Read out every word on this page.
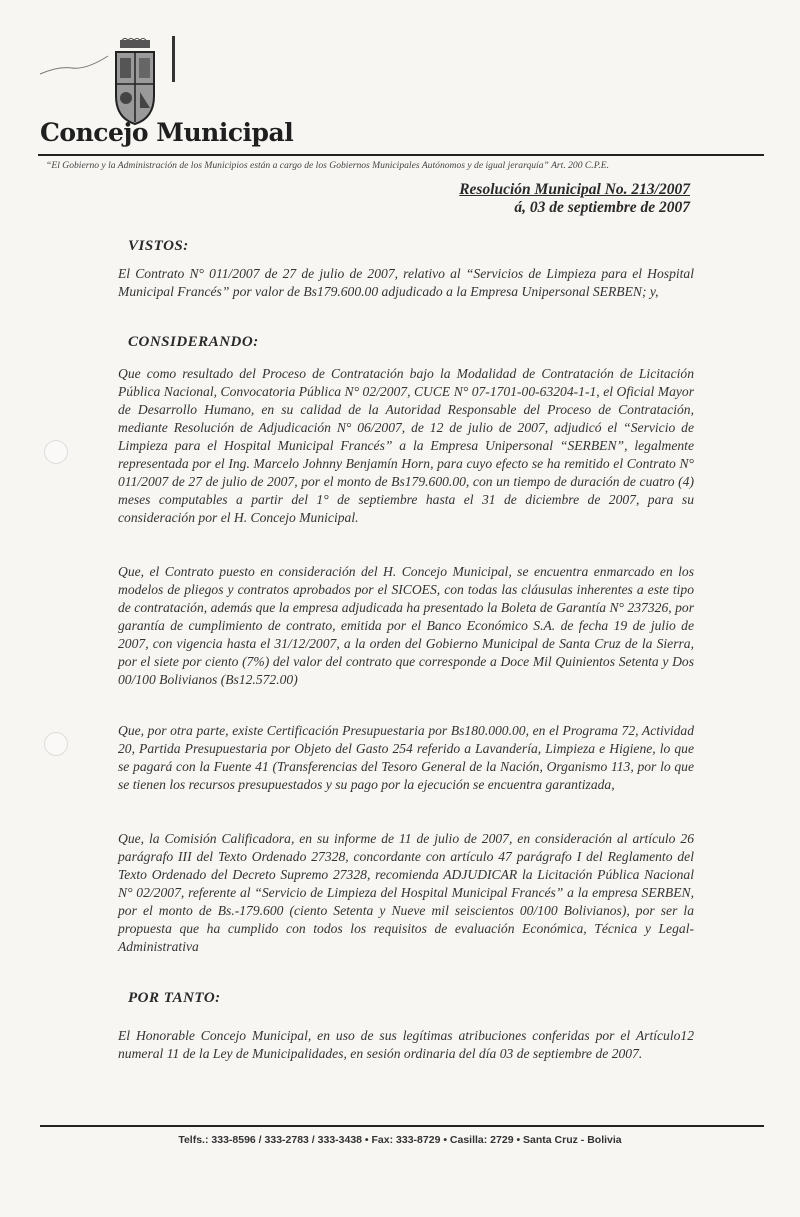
Concejo Municipal
“El Gobierno y la Administración de los Municipios están a cargo de los Gobiernos Municipales Autónomos y de igual jerarquía” Art. 200 C.P.E.
Resolución Municipal No. 213/2007
á, 03 de septiembre de 2007
VISTOS:
El Contrato N° 011/2007 de 27 de julio de 2007, relativo al “Servicios de Limpieza para el Hospital Municipal Francés” por valor de Bs179.600.00 adjudicado a la Empresa Unipersonal SERBEN; y,
CONSIDERANDO:
Que como resultado del Proceso de Contratación bajo la Modalidad de Contratación de Licitación Pública Nacional, Convocatoria Pública N° 02/2007, CUCE N° 07-1701-00-63204-1-1, el Oficial Mayor de Desarrollo Humano, en su calidad de la Autoridad Responsable del Proceso de Contratación, mediante Resolución de Adjudicación N° 06/2007, de 12 de julio de 2007, adjudicó el “Servicio de Limpieza para el Hospital Municipal Francés” a la Empresa Unipersonal “SERBEN”, legalmente representada por el Ing. Marcelo Johnny Benjamín Horn, para cuyo efecto se ha remitido el Contrato N° 011/2007 de 27 de julio de 2007, por el monto de Bs179.600.00, con un tiempo de duración de cuatro (4) meses computables a partir del 1° de septiembre hasta el 31 de diciembre de 2007, para su consideración por el H. Concejo Municipal.
Que, el Contrato puesto en consideración del H. Concejo Municipal, se encuentra enmarcado en los modelos de pliegos y contratos aprobados por el SICOES, con todas las cláusulas inherentes a este tipo de contratación, además que la empresa adjudicada ha presentado la Boleta de Garantía N° 237326, por garantía de cumplimiento de contrato, emitida por el Banco Económico S.A. de fecha 19 de julio de 2007, con vigencia hasta el 31/12/2007, a la orden del Gobierno Municipal de Santa Cruz de la Sierra, por el siete por ciento (7%) del valor del contrato que corresponde a Doce Mil Quinientos Setenta y Dos 00/100 Bolivianos (Bs12.572.00)
Que, por otra parte, existe Certificación Presupuestaria por Bs180.000.00, en el Programa 72, Actividad 20, Partida Presupuestaria por Objeto del Gasto 254 referido a Lavandería, Limpieza e Higiene, lo que se pagará con la Fuente 41 (Transferencias del Tesoro General de la Nación, Organismo 113, por lo que se tienen los recursos presupuestados y su pago por la ejecución se encuentra garantizada,
Que, la Comisión Calificadora, en su informe de 11 de julio de 2007, en consideración al artículo 26 parágrafo III del Texto Ordenado 27328, concordante con artículo 47 parágrafo I del Reglamento del Texto Ordenado del Decreto Supremo 27328, recomienda ADJUDICAR la Licitación Pública Nacional N° 02/2007, referente al “Servicio de Limpieza del Hospital Municipal Francés” a la empresa SERBEN, por el monto de Bs.-179.600 (ciento Setenta y Nueve mil seiscientos 00/100 Bolivianos), por ser la propuesta que ha cumplido con todos los requisitos de evaluación Económica, Técnica y Legal-Administrativa
POR TANTO:
El Honorable Concejo Municipal, en uso de sus legítimas atribuciones conferidas por el Artículo12 numeral 11 de la Ley de Municipalidades, en sesión ordinaria del día 03 de septiembre de 2007.
Telfs.: 333-8596 / 333-2783 / 333-3438 • Fax: 333-8729 • Casilla: 2729 • Santa Cruz - Bolivia
